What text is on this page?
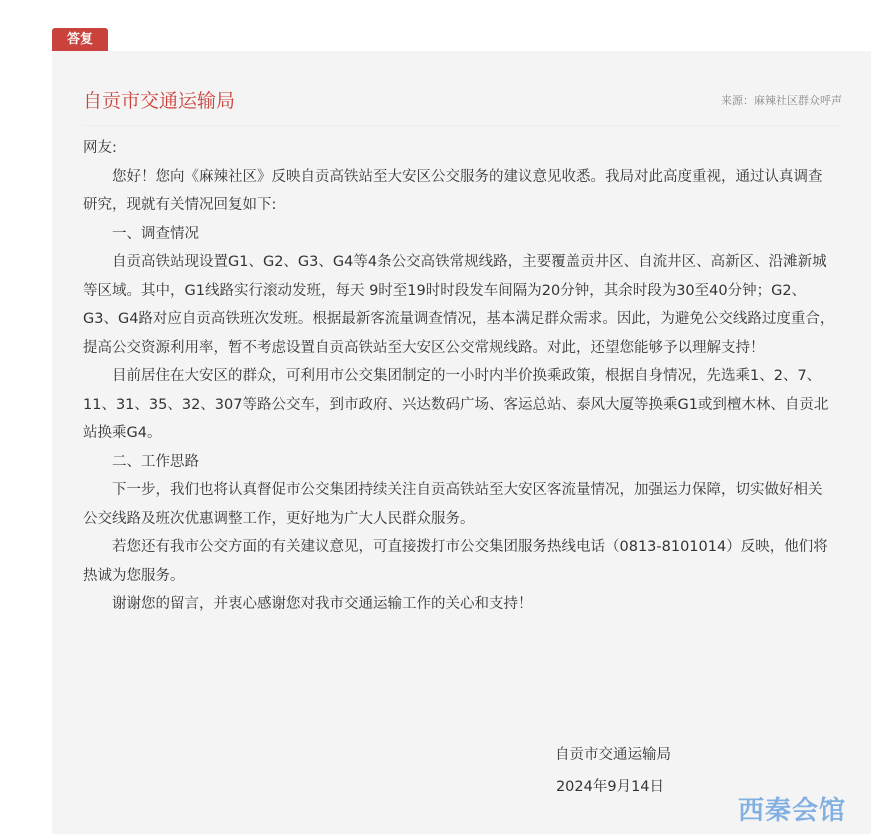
答复
自贡市交通运输局	来源：麻辣社区群众呼声

网友:

您好！您向《麻辣社区》反映自贡高铁站至大安区公交服务的建议意见收悉。我局对此高度重视，通过认真调查研究，现就有关情况回复如下:

一、调查情况

自贡高铁站现设置G1、G2、G3、G4等4条公交高铁常规线路，主要覆盖贡井区、自流井区、高新区、沿滩新城等区域。其中，G1线路实行滚动发班，每天 9时至19时时段发车间隔为20分钟，其余时段为30至40分钟；G2、G3、G4路对应自贡高铁班次发班。根据最新客流量调查情况，基本满足群众需求。因此，为避免公交线路过度重合，提高公交资源利用率，暂不考虑设置自贡高铁站至大安区公交常规线路。对此，还望您能够予以理解支持！

目前居住在大安区的群众，可利用市公交集团制定的一小时内半价换乘政策，根据自身情况，先选乘1、2、7、11、31、35、32、307等路公交车，到市政府、兴达数码广场、客运总站、泰风大厦等换乘G1或到檀木林、自贡北站换乘G4。

二、工作思路

下一步，我们也将认真督促市公交集团持续关注自贡高铁站至大安区客流量情况，加强运力保障，切实做好相关公交线路及班次优惠调整工作，更好地为广大人民群众服务。

若您还有我市公交方面的有关建议意见，可直接拨打市公交集团服务热线电话（0813-8101014）反映，他们将热诚为您服务。

谢谢您的留言，并衷心感谢您对我市交通运输工作的关心和支持！

自贡市交通运输局
2024年9月14日
西秦会馆
